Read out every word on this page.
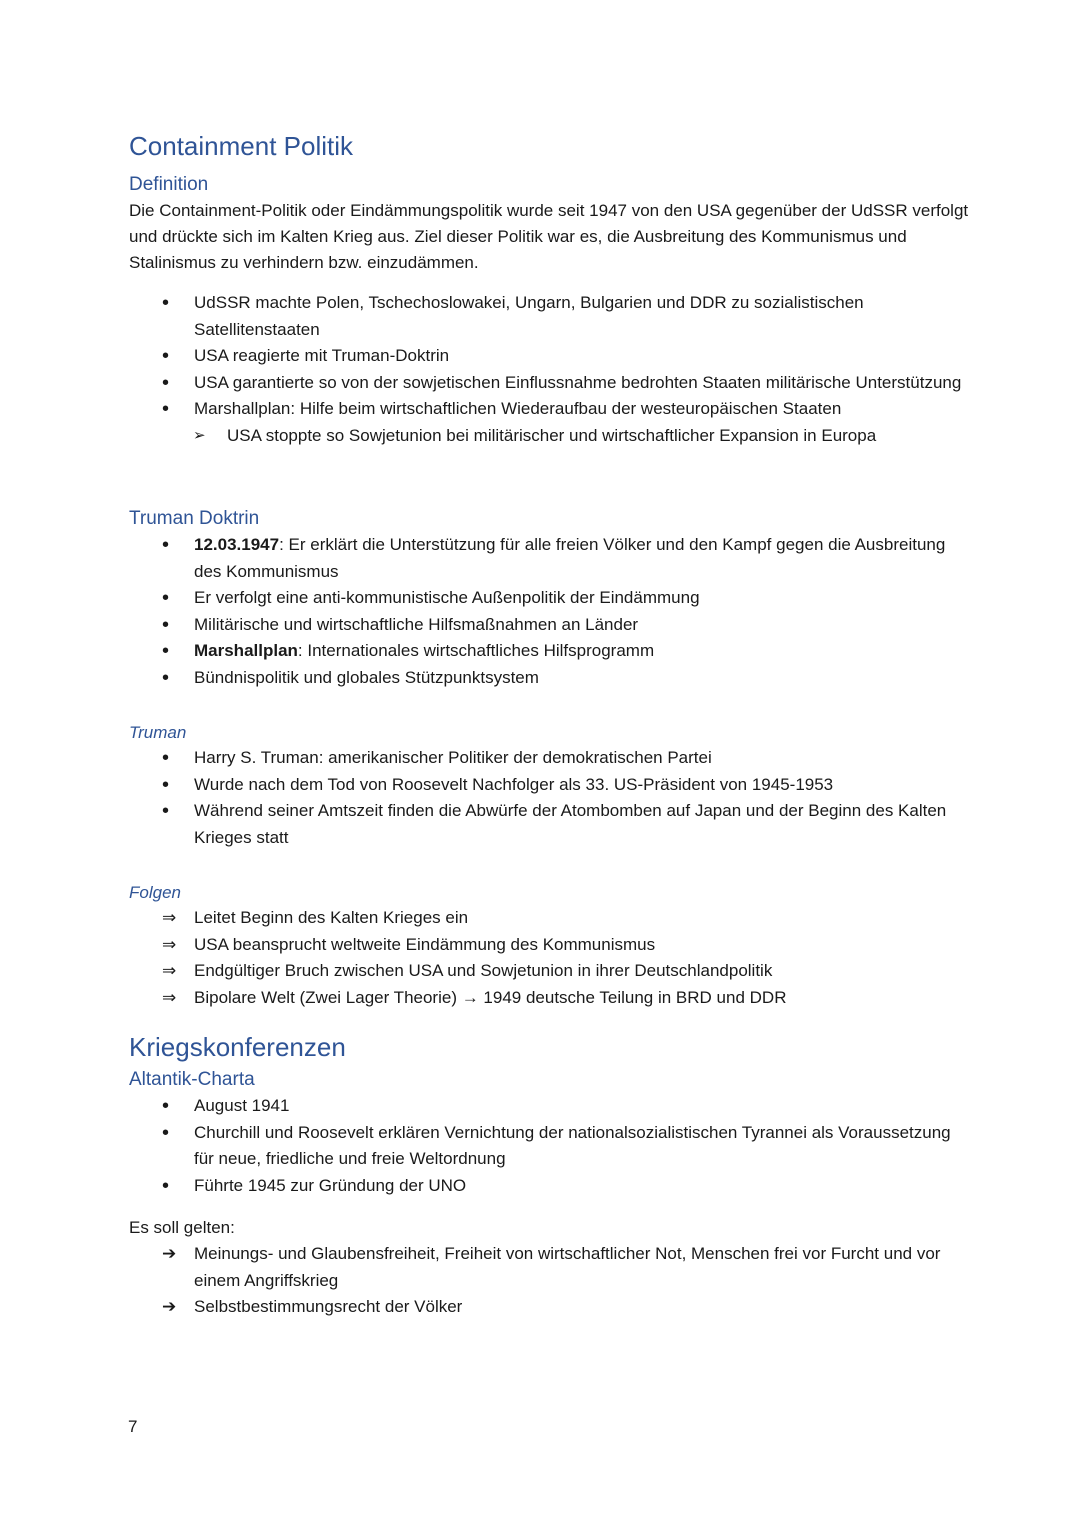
Containment Politik
Definition

Die Containment-Politik oder Eindämmungspolitik wurde seit 1947 von den USA gegenüber der UdSSR verfolgt und drückte sich im Kalten Krieg aus. Ziel dieser Politik war es, die Ausbreitung des Kommunismus und Stalinismus zu verhindern bzw. einzudämmen.

•	UdSSR machte Polen, Tschechoslowakei, Ungarn, Bulgarien und DDR zu sozialistischen Satellitenstaaten
•	USA reagierte mit Truman-Doktrin
•	USA garantierte so von der sowjetischen Einflussnahme bedrohten Staaten militärische Unterstützung
•	Marshallplan: Hilfe beim wirtschaftlichen Wiederaufbau der westeuropäischen Staaten
➢	USA stoppte so Sowjetunion bei militärischer und wirtschaftlicher Expansion in Europa
Truman Doktrin
•	12.03.1947: Er erklärt die Unterstützung für alle freien Völker und den Kampf gegen die Ausbreitung des Kommunismus
•	Er verfolgt eine anti-kommunistische Außenpolitik der Eindämmung
•	Militärische und wirtschaftliche Hilfsmaßnahmen an Länder
•	Marshallplan: Internationales wirtschaftliches Hilfsprogramm
•	Bündnispolitik und globales Stützpunktsystem
Truman
•	Harry S. Truman: amerikanischer Politiker der demokratischen Partei
•	Wurde nach dem Tod von Roosevelt Nachfolger als 33. US-Präsident von 1945-1953
•	Während seiner Amtszeit finden die Abwürfe der Atombomben auf Japan und der Beginn des Kalten Krieges statt
Folgen
⇒	Leitet Beginn des Kalten Krieges ein
⇒	USA beansprucht weltweite Eindämmung des Kommunismus
⇒	Endgültiger Bruch zwischen USA und Sowjetunion in ihrer Deutschlandpolitik
⇒	Bipolare Welt (Zwei Lager Theorie) → 1949 deutsche Teilung in BRD und DDR
Kriegskonferenzen
Altantik-Charta
•	August 1941
•	Churchill und Roosevelt erklären Vernichtung der nationalsozialistischen Tyrannei als Voraussetzung für neue, friedliche und freie Weltordnung
•	Führte 1945 zur Gründung der UNO

Es soll gelten:

➔	Meinungs- und Glaubensfreiheit, Freiheit von wirtschaftlicher Not, Menschen frei vor Furcht und vor einem Angriffskrieg
➔	Selbstbestimmungsrecht der Völker
7
